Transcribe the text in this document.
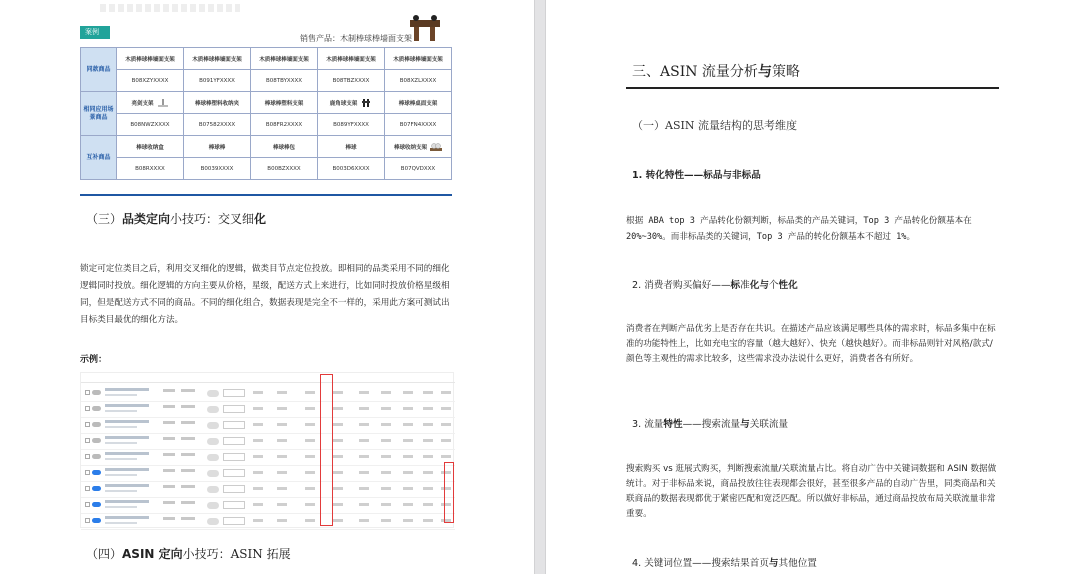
案例
销售产品：木制棒球棒墙面支架
同款商品	木质棒球棒墙面支架	木质棒球棒墙面支架	木质棒球棒墙面支架	木质棒球棒墙面支架	木质棒球棒墙面支架
	B08XZYXXXX	B091YFXXXX	B08TBYXXXX	B08TBZXXXX	B08XZLXXXX
相同应用场景商品	亮剑支架	棒球棒塑料收纳夹	棒球棒塑料支架	鹿角球支架	棒球棒桌面支架
	B08NWZXXXX	B07582XXXX	B08FR2XXXX	B089YFXXXX	B07FN4XXXX
互补商品	棒球收纳盒	棒球棒	棒球棒包	棒球	棒球收纳支架

	B08RXXXX	B0039XXXX	B00BZXXXX	B003D6XXXX	B07QVDXXX
（三）品类定向小技巧：交叉细化
锁定可定位类目之后，利用交叉细化的逻辑，做类目节点定位投放。即相同的品类采用不同的细化逻辑同时投放。细化逻辑的方向主要从价格，星级，配送方式上来进行，比如同时投放价格星级相同，但是配送方式不同的商品。不同的细化组合，数据表现是完全不一样的，采用此方案可测试出目标类目最优的细化方法。
示例：
（四）ASIN 定向小技巧：ASIN 拓展
三、ASIN 流量分析与策略
（一）ASIN 流量结构的思考维度
1. 转化特性——标品与非标品
根据 ABA top 3 产品转化份额判断，标品类的产品关键词，Top 3 产品转化份额基本在 20%~30%。而非标品类的关键词，Top 3 产品的转化份额基本不超过 1%。
2. 消费者购买偏好——标准化与个性化
消费者在判断产品优劣上是否存在共识。在描述产品应该满足哪些具体的需求时，标品多集中在标准的功能特性上，比如充电宝的容量（越大越好）、快充（越快越好）。而非标品则针对风格/款式/颜色等主观性的需求比较多，这些需求没办法说什么更好，消费者各有所好。
3. 流量特性——搜索流量与关联流量
搜索购买 vs 逛展式购买，判断搜索流量/关联流量占比。将自动广告中关键词数据和 ASIN 数据做统计。对于非标品来说，商品投放往往表现都会很好，甚至很多产品的自动广告里，同类商品和关联商品的数据表现都优于紧密匹配和宽泛匹配。所以做好非标品，通过商品投放布局关联流量非常重要。
4. 关键词位置——搜索结果首页与其他位置
